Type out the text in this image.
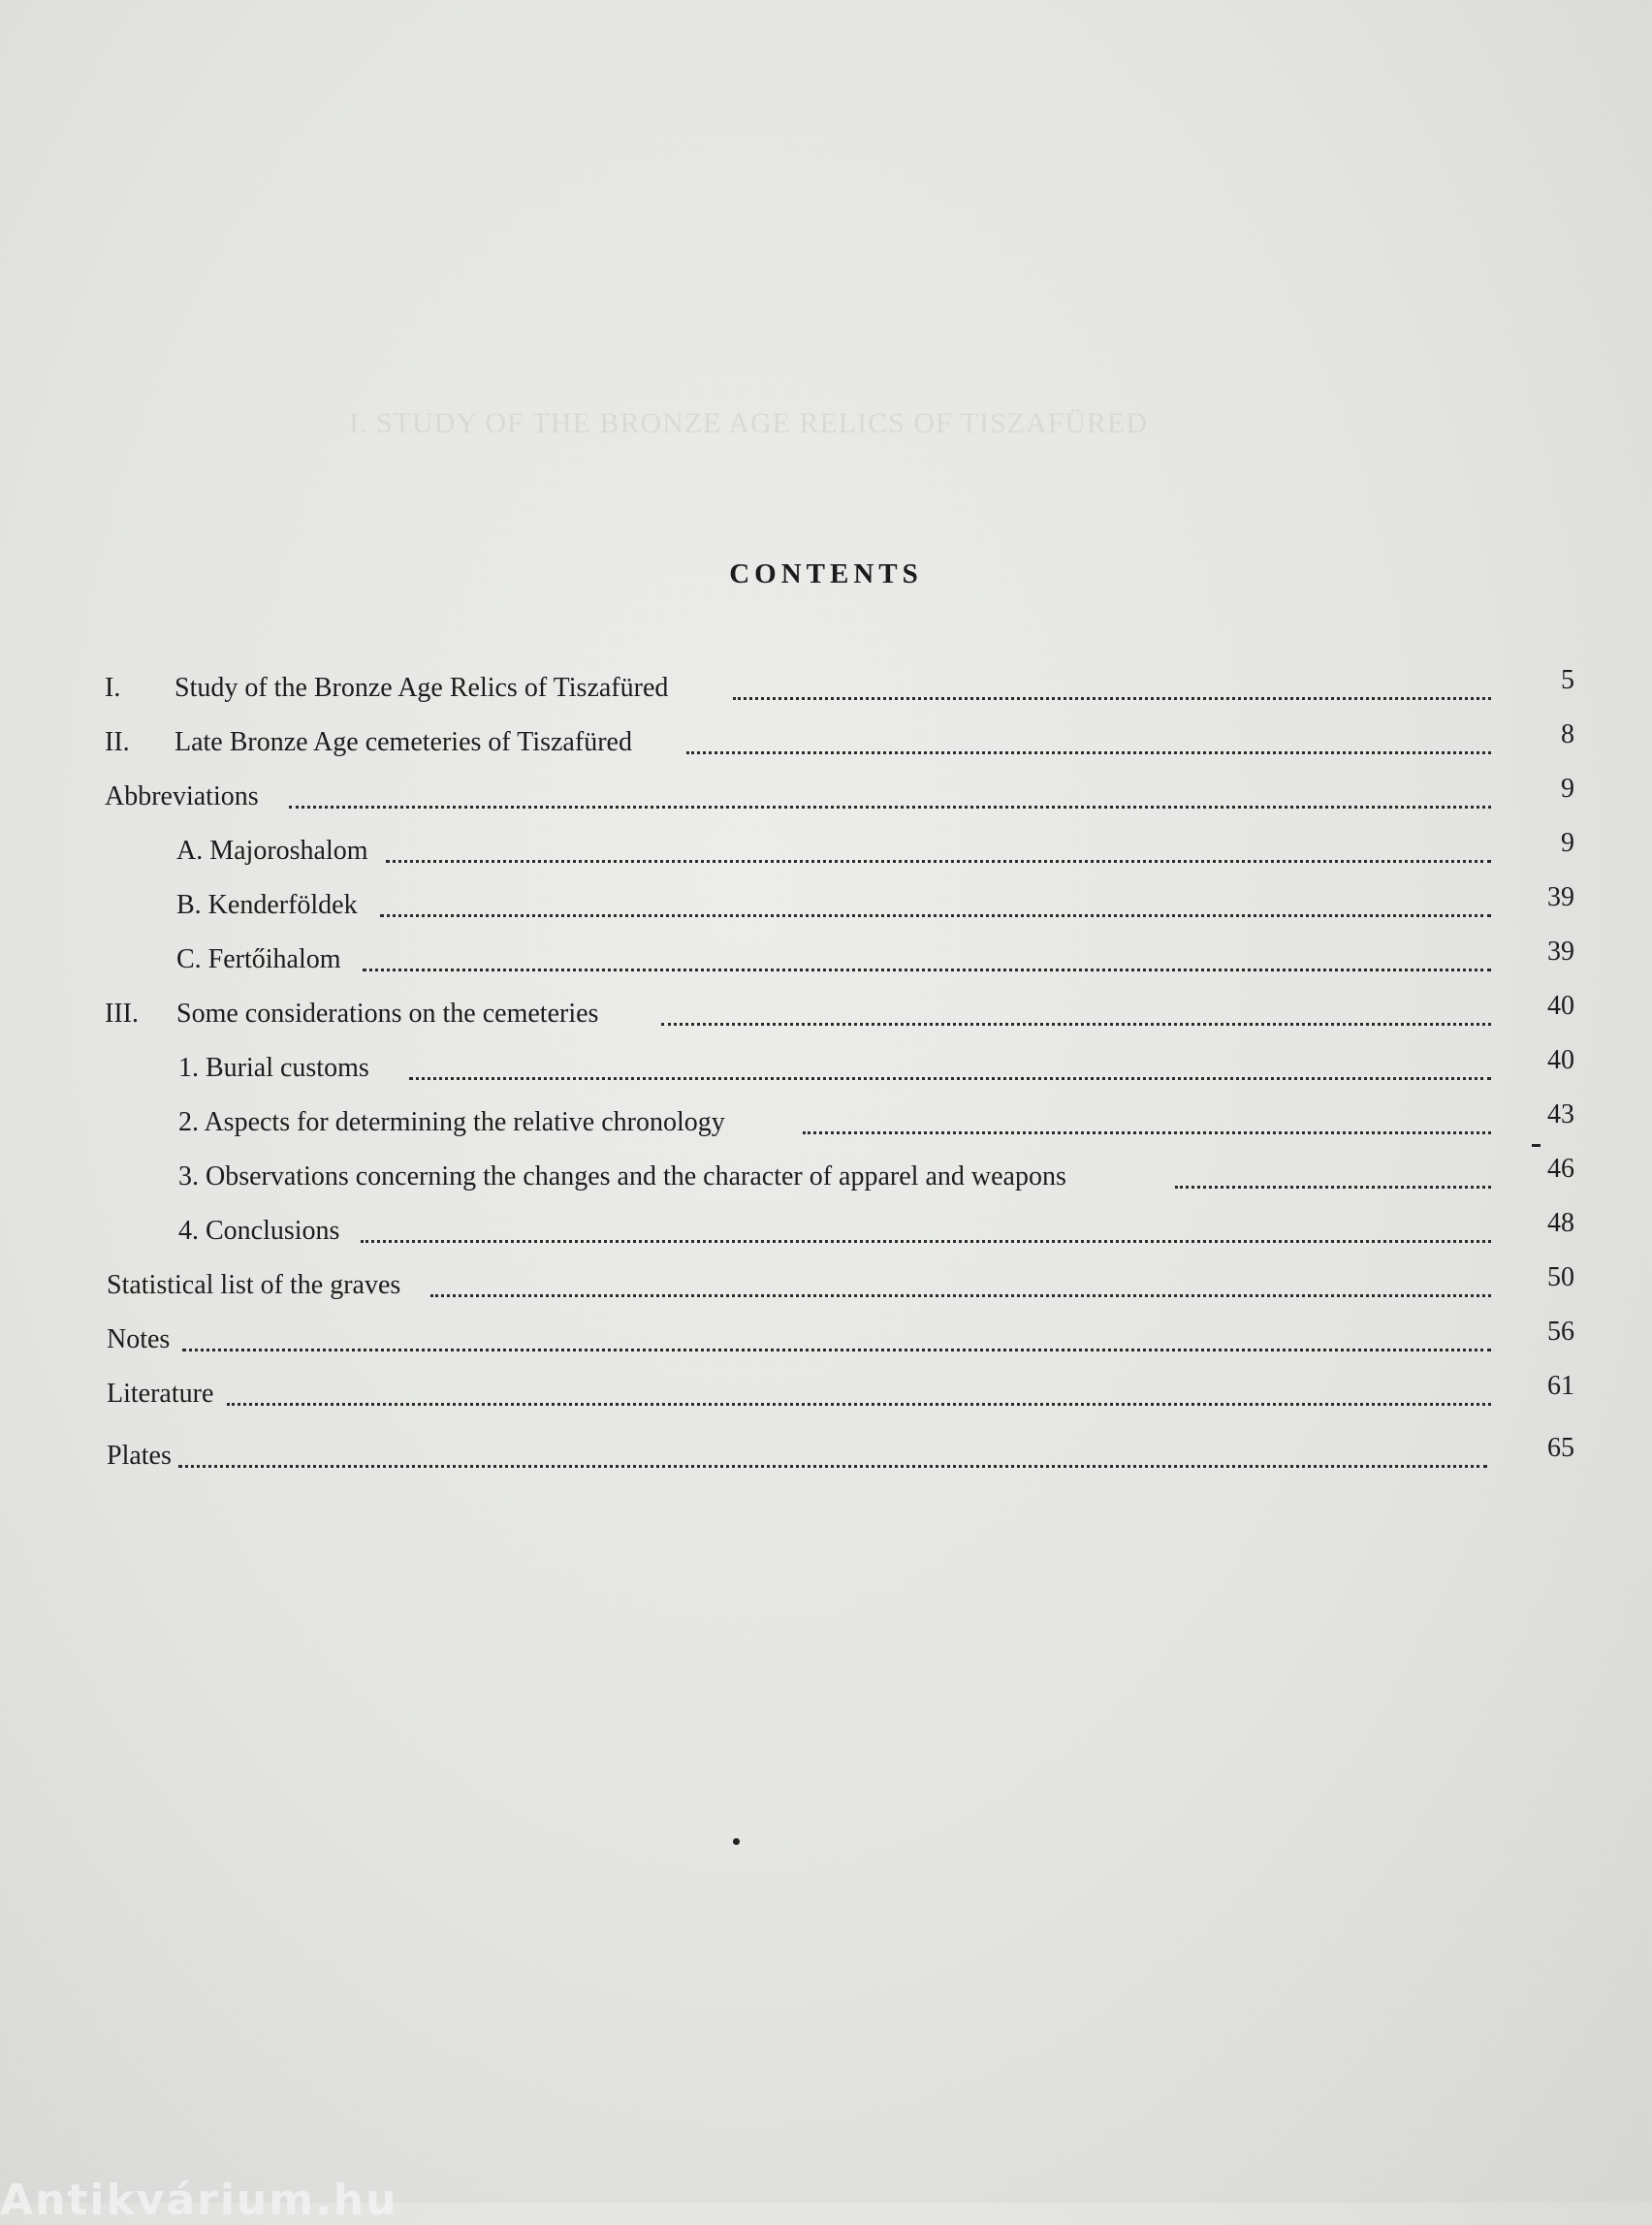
I. STUDY OF THE BRONZE AGE RELICS OF TISZAFÜRED
CONTENTS
I.	Study of the Bronze Age Relics of Tiszafüred	5
II.	Late Bronze Age cemeteries of Tiszafüred	8
Abbreviations	9
A. Majoroshalom	9
B. Kenderföldek	39
C. Fertőihalom	39
III.	Some considerations on the cemeteries	40
1. Burial customs	40
2. Aspects for determining the relative chronology	43
3. Observations concerning the changes and the character of apparel and weapons	46
4. Conclusions	48
Statistical list of the graves	50
Notes	56
Literature	61
Plates	65
Antikvárium.hu
